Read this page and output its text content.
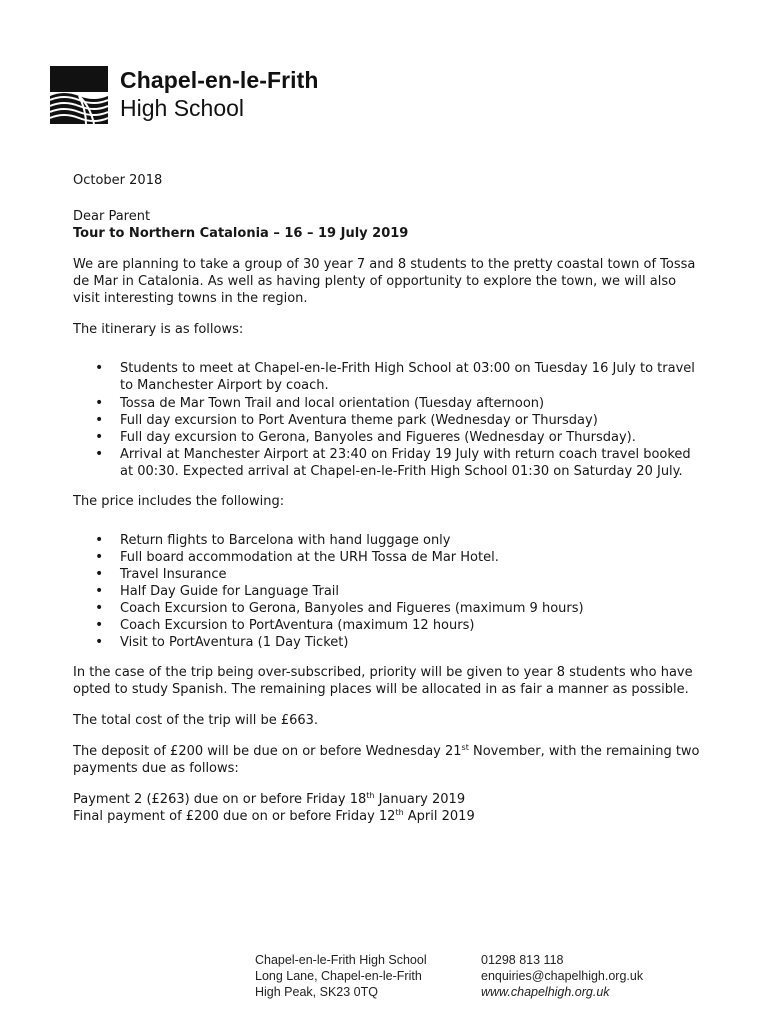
Chapel-en-le-Frith
High School

October 2018

Dear Parent

Tour to Northern Catalonia – 16 – 19 July 2019

We are planning to take a group of 30 year 7 and 8 students to the pretty coastal town of Tossa de Mar in Catalonia. As well as having plenty of opportunity to explore the town, we will also visit interesting towns in the region.

The itinerary is as follows:

• Students to meet at Chapel-en-le-Frith High School at 03:00 on Tuesday 16 July to travel to Manchester Airport by coach.
• Tossa de Mar Town Trail and local orientation (Tuesday afternoon)
• Full day excursion to Port Aventura theme park (Wednesday or Thursday)
• Full day excursion to Gerona, Banyoles and Figueres (Wednesday or Thursday).
• Arrival at Manchester Airport at 23:40 on Friday 19 July with return coach travel booked at 00:30. Expected arrival at Chapel-en-le-Frith High School 01:30 on Saturday 20 July.

The price includes the following:

• Return flights to Barcelona with hand luggage only
• Full board accommodation at the URH Tossa de Mar Hotel.
• Travel Insurance
• Half Day Guide for Language Trail
• Coach Excursion to Gerona, Banyoles and Figueres (maximum 9 hours)
• Coach Excursion to PortAventura (maximum 12 hours)
• Visit to PortAventura (1 Day Ticket)

In the case of the trip being over-subscribed, priority will be given to year 8 students who have opted to study Spanish. The remaining places will be allocated in as fair a manner as possible.

The total cost of the trip will be £663.

The deposit of £200 will be due on or before Wednesday 21st November, with the remaining two payments due as follows:

Payment 2 (£263) due on or before Friday 18th January 2019

Final payment of £200 due on or before Friday 12th April 2019

Chapel-en-le-Frith High School
Long Lane, Chapel-en-le-Frith
High Peak, SK23 0TQ
01298 813 118
enquiries@chapelhigh.org.uk
www.chapelhigh.org.uk
